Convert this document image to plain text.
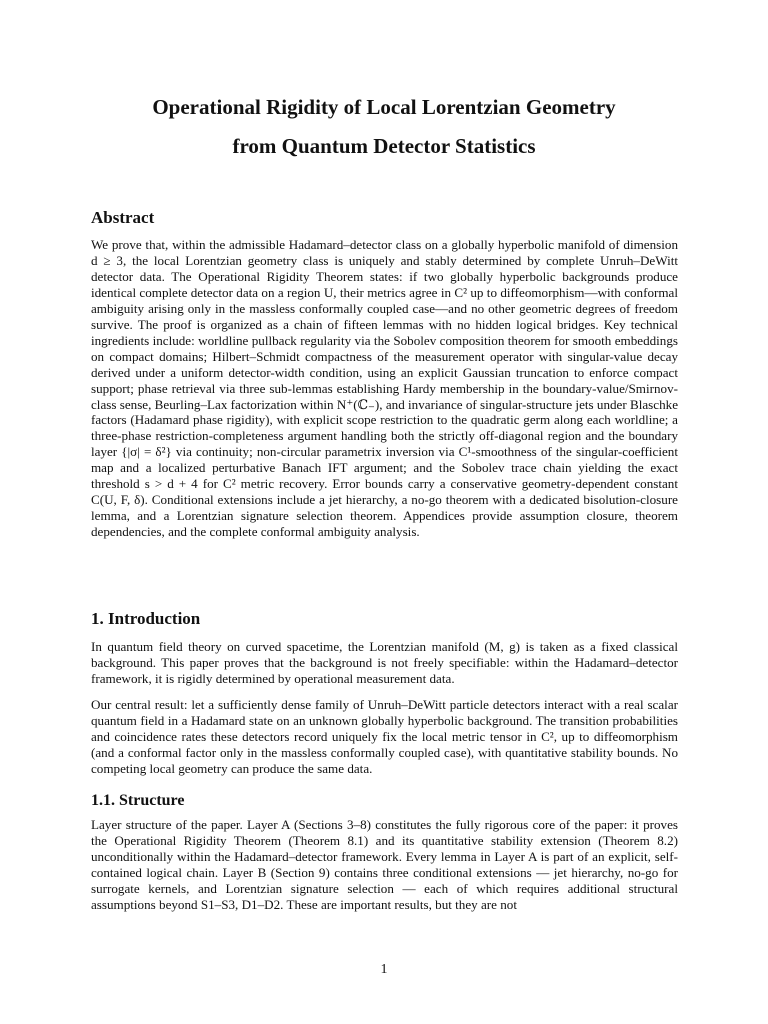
Operational Rigidity of Local Lorentzian Geometry
from Quantum Detector Statistics
Abstract
We prove that, within the admissible Hadamard–detector class on a globally hyperbolic manifold of dimension d ≥ 3, the local Lorentzian geometry class is uniquely and stably determined by complete Unruh–DeWitt detector data. The Operational Rigidity Theorem states: if two globally hyperbolic backgrounds produce identical complete detector data on a region U, their metrics agree in C² up to diffeomorphism—with conformal ambiguity arising only in the massless conformally coupled case—and no other geometric degrees of freedom survive. The proof is organized as a chain of fifteen lemmas with no hidden logical bridges. Key technical ingredients include: worldline pullback regularity via the Sobolev composition theorem for smooth embeddings on compact domains; Hilbert–Schmidt compactness of the measurement operator with singular-value decay derived under a uniform detector-width condition, using an explicit Gaussian truncation to enforce compact support; phase retrieval via three sub-lemmas establishing Hardy membership in the boundary-value/Smirnov-class sense, Beurling–Lax factorization within N⁺(ℂ₋), and invariance of singular-structure jets under Blaschke factors (Hadamard phase rigidity), with explicit scope restriction to the quadratic germ along each worldline; a three-phase restriction-completeness argument handling both the strictly off-diagonal region and the boundary layer {|σ| = δ²} via continuity; non-circular parametrix inversion via C¹-smoothness of the singular-coefficient map and a localized perturbative Banach IFT argument; and the Sobolev trace chain yielding the exact threshold s > d + 4 for C² metric recovery. Error bounds carry a conservative geometry-dependent constant C(U, F, δ). Conditional extensions include a jet hierarchy, a no-go theorem with a dedicated bisolution-closure lemma, and a Lorentzian signature selection theorem. Appendices provide assumption closure, theorem dependencies, and the complete conformal ambiguity analysis.
1. Introduction
In quantum field theory on curved spacetime, the Lorentzian manifold (M, g) is taken as a fixed classical background. This paper proves that the background is not freely specifiable: within the Hadamard–detector framework, it is rigidly determined by operational measurement data.
Our central result: let a sufficiently dense family of Unruh–DeWitt particle detectors interact with a real scalar quantum field in a Hadamard state on an unknown globally hyperbolic background. The transition probabilities and coincidence rates these detectors record uniquely fix the local metric tensor in C², up to diffeomorphism (and a conformal factor only in the massless conformally coupled case), with quantitative stability bounds. No competing local geometry can produce the same data.
1.1. Structure
Layer structure of the paper. Layer A (Sections 3–8) constitutes the fully rigorous core of the paper: it proves the Operational Rigidity Theorem (Theorem 8.1) and its quantitative stability extension (Theorem 8.2) unconditionally within the Hadamard–detector framework. Every lemma in Layer A is part of an explicit, self-contained logical chain. Layer B (Section 9) contains three conditional extensions — jet hierarchy, no-go for surrogate kernels, and Lorentzian signature selection — each of which requires additional structural assumptions beyond S1–S3, D1–D2. These are important results, but they are not
1
